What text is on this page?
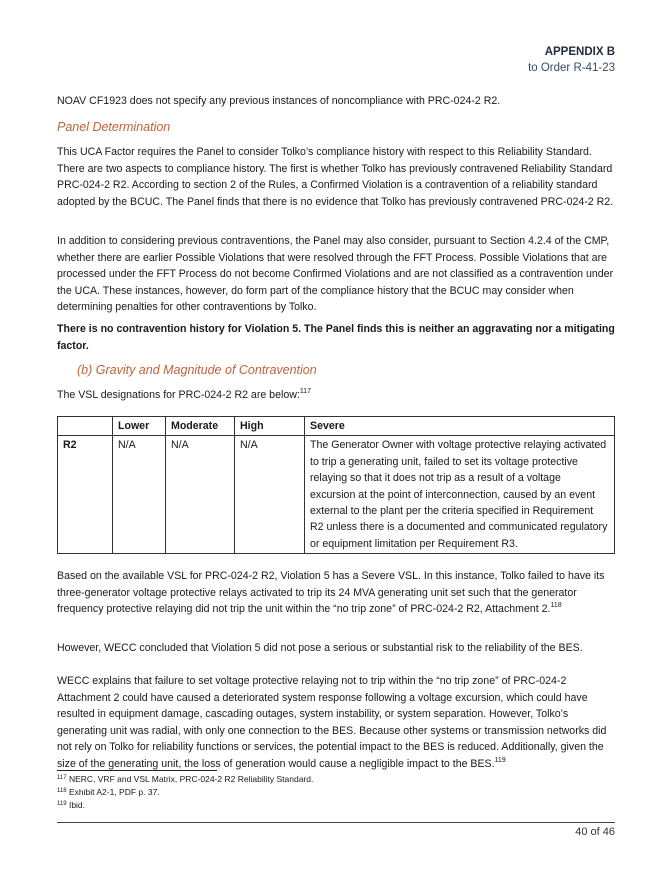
APPENDIX B
to Order R-41-23

NOAV CF1923 does not specify any previous instances of noncompliance with PRC-024-2 R2.

Panel Determination

This UCA Factor requires the Panel to consider Tolko’s compliance history with respect to this Reliability Standard. There are two aspects to compliance history. The first is whether Tolko has previously contravened Reliability Standard PRC-024-2 R2. According to section 2 of the Rules, a Confirmed Violation is a contravention of a reliability standard adopted by the BCUC. The Panel finds that there is no evidence that Tolko has previously contravened PRC-024-2 R2.

In addition to considering previous contraventions, the Panel may also consider, pursuant to Section 4.2.4 of the CMP, whether there are earlier Possible Violations that were resolved through the FFT Process. Possible Violations that are processed under the FFT Process do not become Confirmed Violations and are not classified as a contravention under the UCA. These instances, however, do form part of the compliance history that the BCUC may consider when determining penalties for other contraventions by Tolko.

There is no contravention history for Violation 5. The Panel finds this is neither an aggravating nor a mitigating factor.

(b) Gravity and Magnitude of Contravention

The VSL designations for PRC-024-2 R2 are below:$^{117}$

	Lower	Moderate	High	Severe
R2	N/A	N/A	N/A	The Generator Owner with voltage protective relaying activated to trip a generating unit, failed to set its voltage protective relaying so that it does not trip as a result of a voltage excursion at the point of interconnection, caused by an event external to the plant per the criteria specified in Requirement R2 unless there is a documented and communicated regulatory or equipment limitation per Requirement R3.

Based on the available VSL for PRC-024-2 R2, Violation 5 has a Severe VSL. In this instance, Tolko failed to have its three-generator voltage protective relays activated to trip its 24 MVA generating unit set such that the generator frequency protective relaying did not trip the unit within the “no trip zone” of PRC-024-2 R2, Attachment 2.$^{118}$

However, WECC concluded that Violation 5 did not pose a serious or substantial risk to the reliability of the BES.

WECC explains that failure to set voltage protective relaying not to trip within the “no trip zone” of PRC-024-2 Attachment 2 could have caused a deteriorated system response following a voltage excursion, which could have resulted in equipment damage, cascading outages, system instability, or system separation. However, Tolko’s generating unit was radial, with only one connection to the BES. Because other systems or transmission networks did not rely on Tolko for reliability functions or services, the potential impact to the BES is reduced. Additionally, given the size of the generating unit, the loss of generation would cause a negligible impact to the BES.$^{119}$

$^{117}$ NERC, VRF and VSL Matrix, PRC-024-2 R2 Reliability Standard.
$^{118}$ Exhibit A2-1, PDF p. 37.
$^{119}$ Ibid.
40 of 46
